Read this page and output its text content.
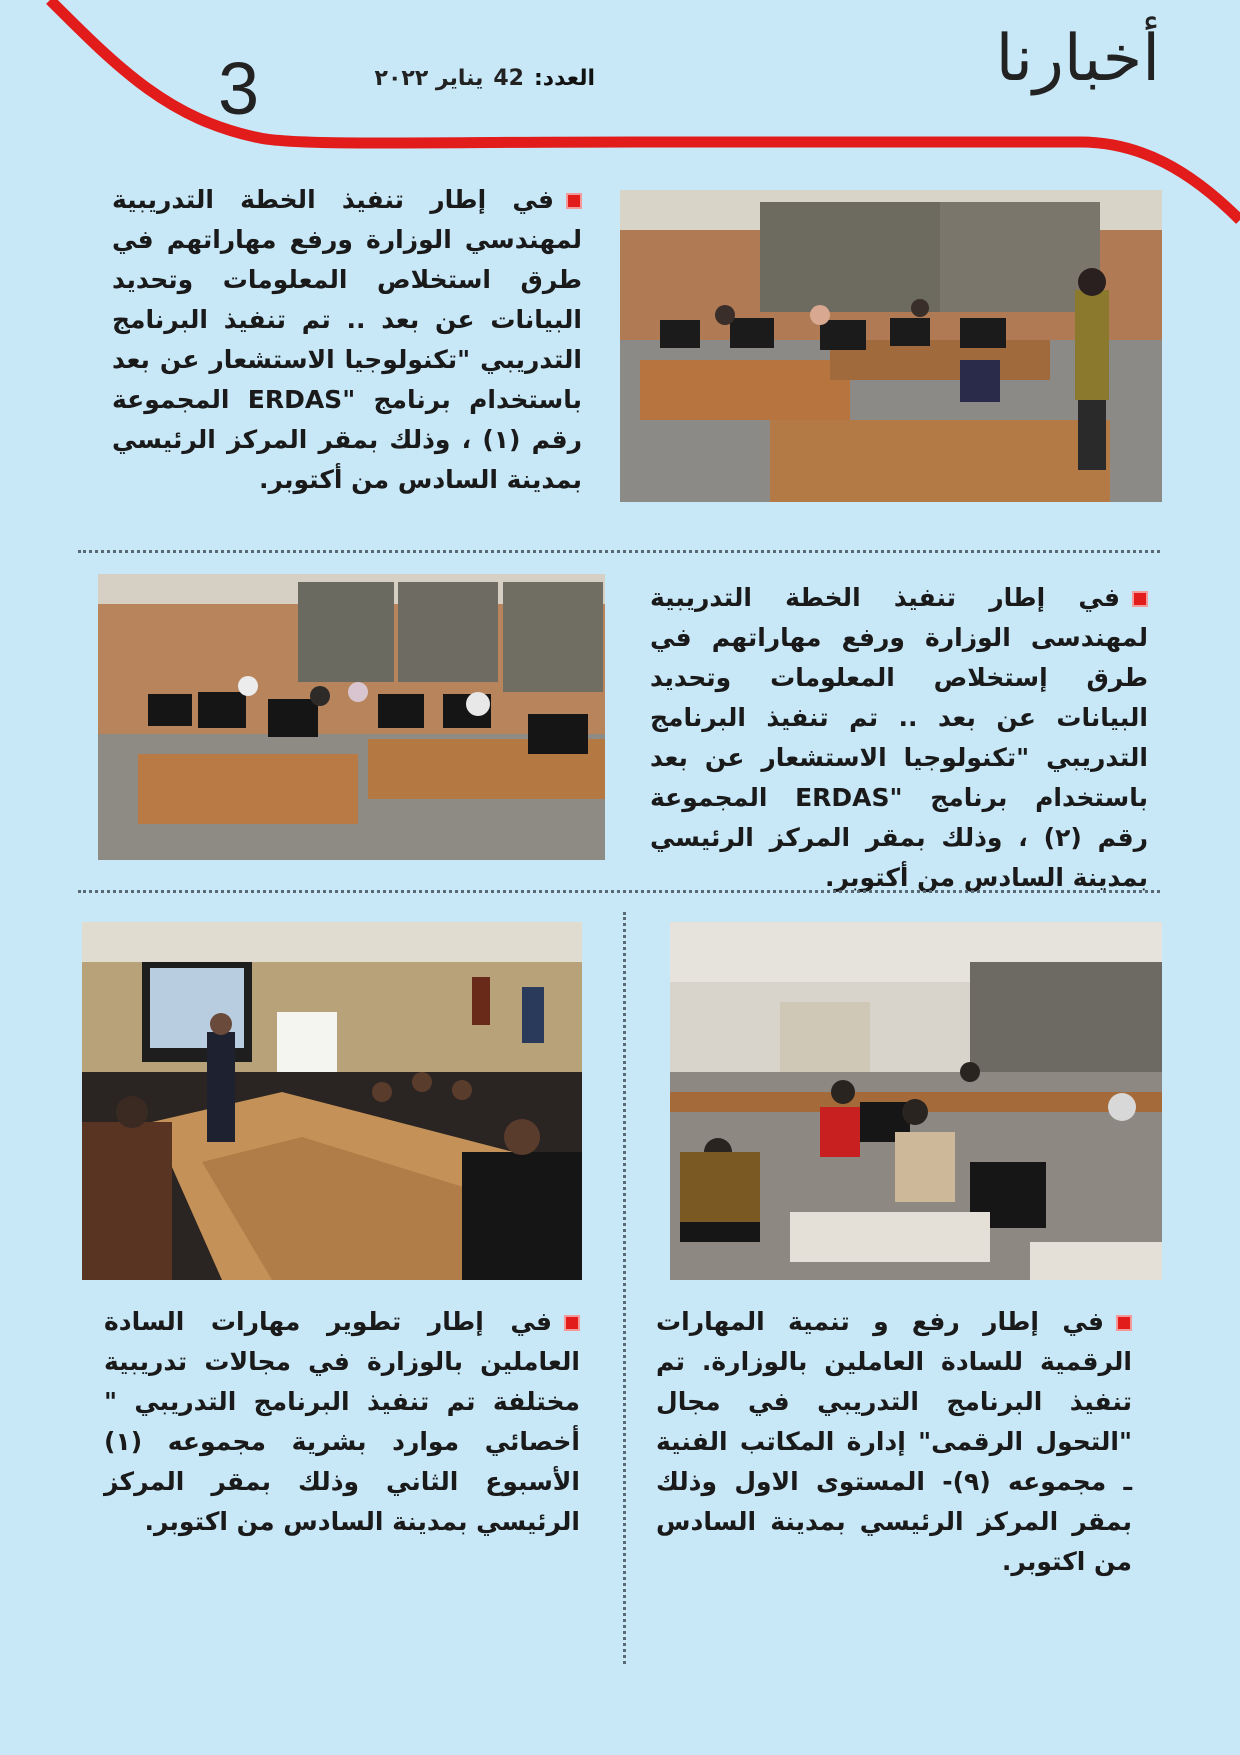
أخبارنا
العدد:42يناير ٢٠٢٢
3
في إطار تنفيذ الخطة التدريبية لمهندسي الوزارة ورفع مهاراتهم في طرق استخلاص المعلومات وتحديد البيانات عن بعد .. تم تنفيذ البرنامج التدريبي "تكنولوجيا الاستشعار عن بعد باستخدام برنامج "ERDAS المجموعة رقم (١) ، وذلك بمقر المركز الرئيسي بمدينة السادس من أكتوبر.
في إطار تنفيذ الخطة التدريبية لمهندسى الوزارة ورفع مهاراتهم في طرق إستخلاص المعلومات وتحديد البيانات عن بعد .. تم تنفيذ البرنامج التدريبي "تكنولوجيا الاستشعار عن بعد باستخدام برنامج "ERDAS المجموعة رقم (٢) ، وذلك بمقر المركز الرئيسي بمدينة السادس من أكتوبر.
في إطار رفع و تنمية المهارات الرقمية للسادة العاملين بالوزارة. تم تنفيذ البرنامج التدريبي في مجال "التحول الرقمى" إدارة المكاتب الفنية ـ مجموعه (٩)- المستوى الاول وذلك بمقر المركز الرئيسي بمدينة السادس من اكتوبر.
في إطار تطوير مهارات السادة العاملين بالوزارة في مجالات تدريبية مختلفة تم تنفيذ البرنامج التدريبي " أخصائي موارد بشرية مجموعه (١) الأسبوع الثاني وذلك بمقر المركز الرئيسي بمدينة السادس من اكتوبر.
